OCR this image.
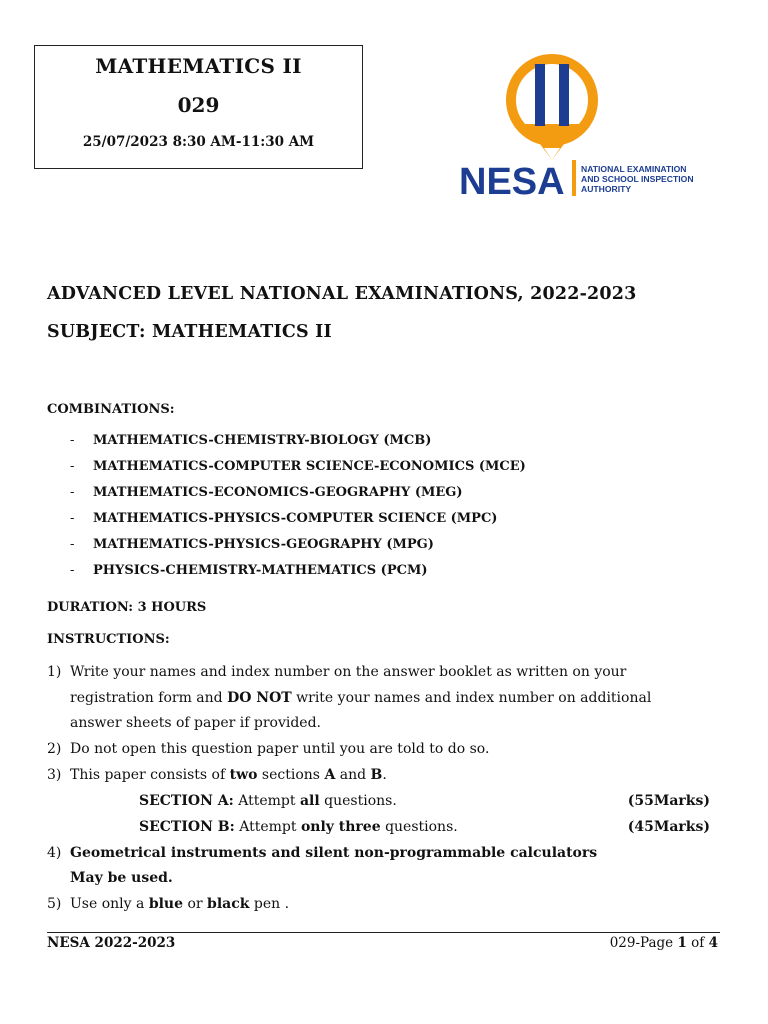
MATHEMATICS II
029
25/07/2023 8:30 AM-11:30 AM
NESA NATIONAL EXAMINATION
AND SCHOOL INSPECTION
AUTHORITY
ADVANCED LEVEL NATIONAL EXAMINATIONS, 2022-2023
SUBJECT: MATHEMATICS II
COMBINATIONS:
- MATHEMATICS-CHEMISTRY-BIOLOGY (MCB)
- MATHEMATICS-COMPUTER SCIENCE-ECONOMICS (MCE)
- MATHEMATICS-ECONOMICS-GEOGRAPHY (MEG)
- MATHEMATICS-PHYSICS-COMPUTER SCIENCE (MPC)
- MATHEMATICS-PHYSICS-GEOGRAPHY (MPG)
- PHYSICS-CHEMISTRY-MATHEMATICS (PCM)
DURATION: 3 HOURS
INSTRUCTIONS:
1) Write your names and index number on the answer booklet as written on your
registration form and DO NOT write your names and index number on additional
answer sheets of paper if provided.
2) Do not open this question paper until you are told to do so.
3) This paper consists of two sections A and B.
SECTION A: Attempt all questions.	(55Marks)
SECTION B: Attempt only three questions.	(45Marks)
4) Geometrical instruments and silent non-programmable calculators
May be used.
5) Use only a blue or black pen .
NESA 2022-2023	029-Page 1 of 4
